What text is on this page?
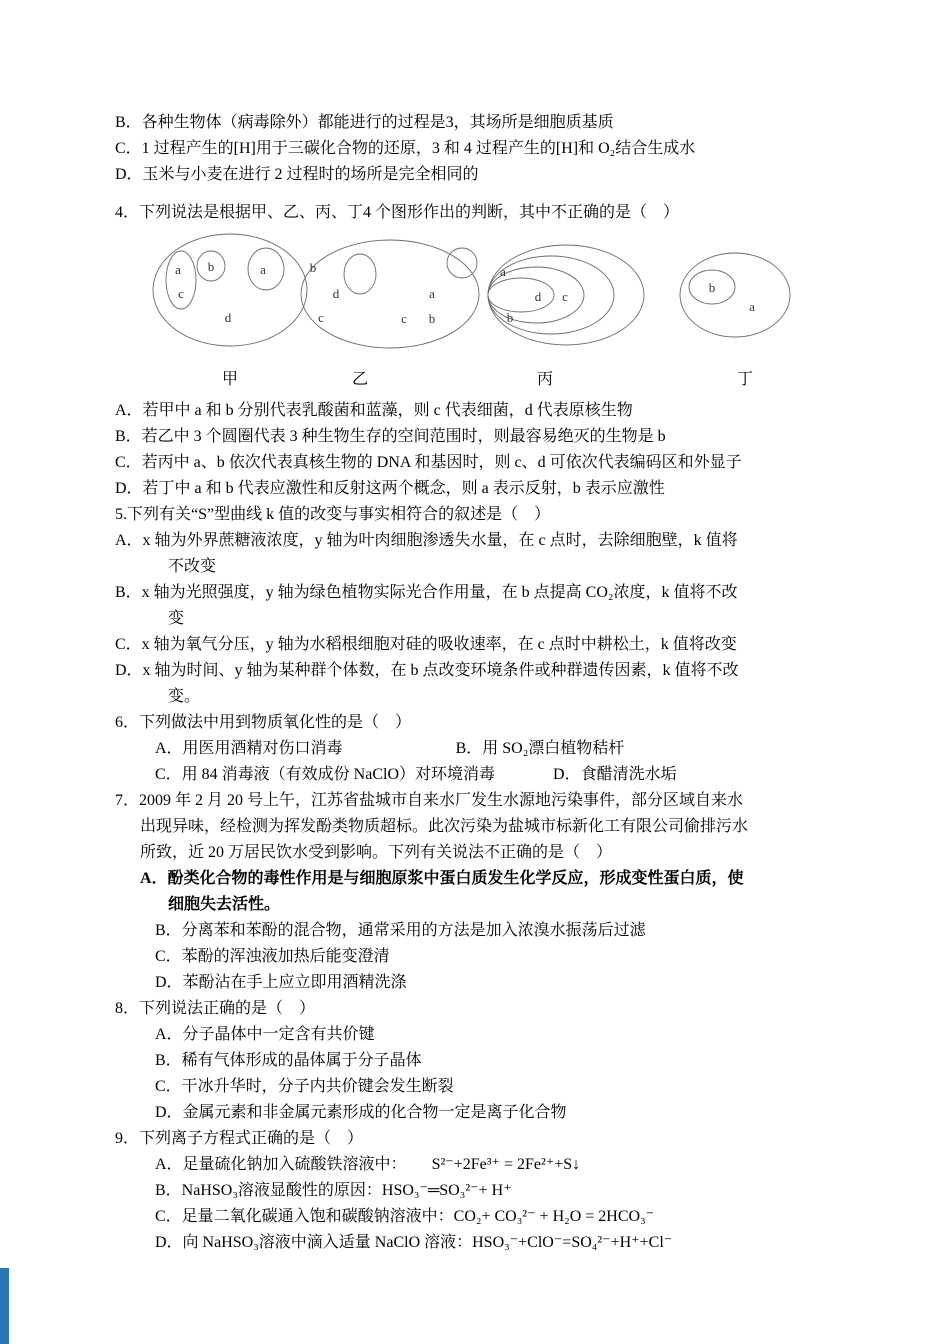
B．各种生物体（病毒除外）都能进行的过程是3，其场所是细胞质基质
C．1 过程产生的[H]用于三碳化合物的还原，3 和 4 过程产生的[H]和 O₂结合生成水
D．玉米与小麦在进行 2 过程时的场所是完全相同的
4．下列说法是根据甲、乙、丙、丁4 个图形作出的判断，其中不正确的是（　）
a b
c
d
a	b
d
c
a
c b
a
b
c
d
a
b
甲	乙	丙	丁
A．若甲中 a 和 b 分别代表乳酸菌和蓝藻，则 c 代表细菌，d 代表原核生物
B．若乙中 3 个圆圈代表 3 种生物生存的空间范围时，则最容易绝灭的生物是 b
C．若丙中 a、b 依次代表真核生物的 DNA 和基因时，则 c、d 可依次代表编码区和外显子
D．若丁中 a 和 b 代表应激性和反射这两个概念，则 a 表示反射，b 表示应激性
5.下列有关“S”型曲线 k 值的改变与事实相符合的叙述是（　）
A．x 轴为外界蔗糖液浓度，y 轴为叶肉细胞渗透失水量，在 c 点时，去除细胞壁，k 值将
不改变
B．x 轴为光照强度，y 轴为绿色植物实际光合作用量，在 b 点提高 CO₂浓度，k 值将不改
变
C．x 轴为氧气分压，y 轴为水稻根细胞对硅的吸收速率，在 c 点时中耕松土，k 值将改变
D．x 轴为时间、y 轴为某种群个体数，在 b 点改变环境条件或种群遗传因素，k 值将不改
变。
6．下列做法中用到物质氧化性的是（　）
A．用医用酒精对伤口消毒	B．用 SO₂漂白植物秸杆
C．用 84 消毒液（有效成份 NaClO）对环境消毒	D．食醋清洗水垢
7．2009 年 2 月 20 号上午，江苏省盐城市自来水厂发生水源地污染事件，部分区域自来水
出现异味，经检测为挥发酚类物质超标。此次污染为盐城市标新化工有限公司偷排污水
所致，近 20 万居民饮水受到影响。下列有关说法不正确的是（　）
A．酚类化合物的毒性作用是与细胞原浆中蛋白质发生化学反应，形成变性蛋白质，使
细胞失去活性。
B．分离苯和苯酚的混合物，通常采用的方法是加入浓溴水振荡后过滤
C．苯酚的浑浊液加热后能变澄清
D．苯酚沾在手上应立即用酒精洗涤
8．下列说法正确的是（　）
A．分子晶体中一定含有共价键
B．稀有气体形成的晶体属于分子晶体
C．干冰升华时，分子内共价键会发生断裂
D．金属元素和非金属元素形成的化合物一定是离子化合物
9．下列离子方程式正确的是（　）
A．足量硫化钠加入硫酸铁溶液中： S²⁻+2Fe³⁺ = 2Fe²⁺+S↓
B．NaHSO₃溶液显酸性的原因：HSO₃⁻═SO₃²⁻+ H⁺
C．足量二氧化碳通入饱和碳酸钠溶液中：CO₂+ CO₃²⁻ + H₂O = 2HCO₃⁻
D．向 NaHSO₃溶液中滴入适量 NaClO 溶液：HSO₃⁻+ClO⁻=SO₄²⁻+H⁺+Cl⁻
